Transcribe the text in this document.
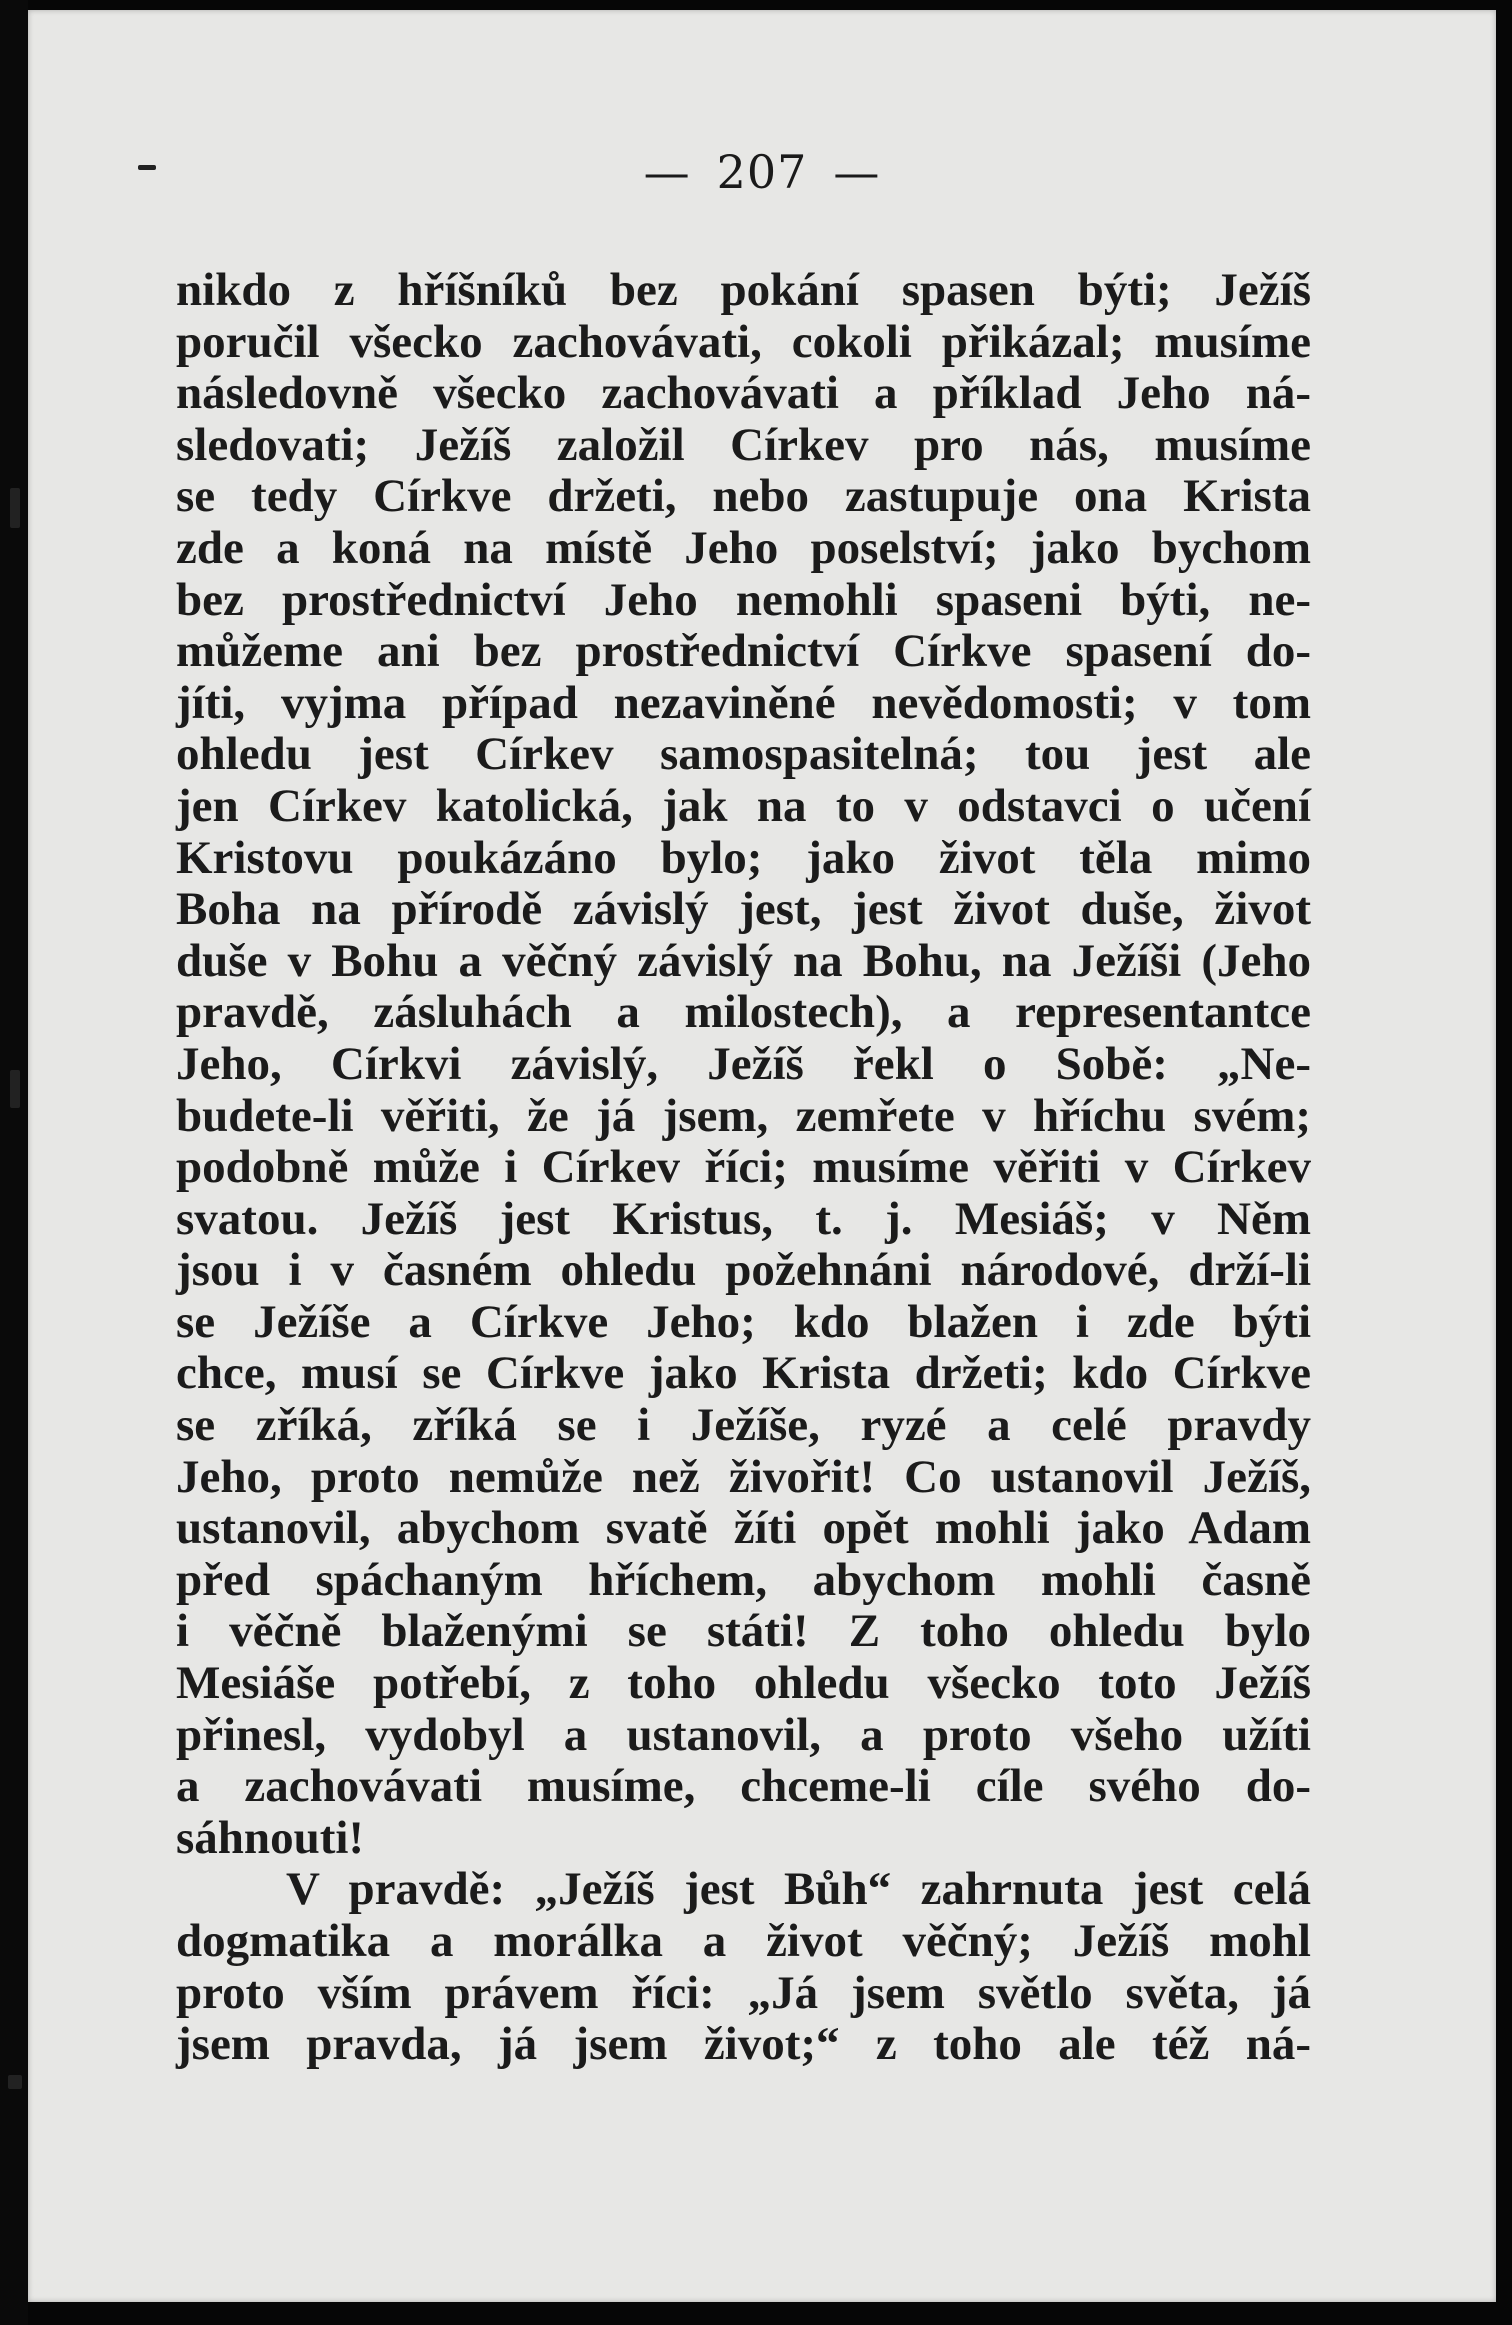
— 207 —
nikdo z hříšníků bez pokání spasen býti; Ježíš
poručil všecko zachovávati, cokoli přikázal; musíme
následovně všecko zachovávati a příklad Jeho ná-
sledovati; Ježíš založil Církev pro nás, musíme
se tedy Církve držeti, nebo zastupuje ona Krista
zde a koná na místě Jeho poselství; jako bychom
bez prostřednictví Jeho nemohli spaseni býti, ne-
můžeme ani bez prostřednictví Církve spasení do-
jíti, vyjma případ nezaviněné nevědomosti; v tom
ohledu jest Církev samospasitelná; tou jest ale
jen Církev katolická, jak na to v odstavci o učení
Kristovu poukázáno bylo; jako život těla mimo
Boha na přírodě závislý jest, jest život duše, život
duše v Bohu a věčný závislý na Bohu, na Ježíši (Jeho
pravdě, zásluhách a milostech), a representantce
Jeho, Církvi závislý, Ježíš řekl o Sobě: „Ne-
budete-li věřiti, že já jsem, zemřete v hříchu svém;
podobně může i Církev říci; musíme věřiti v Církev
svatou. Ježíš jest Kristus, t. j. Mesiáš; v Něm
jsou i v časném ohledu požehnáni národové, drží-li
se Ježíše a Církve Jeho; kdo blažen i zde býti
chce, musí se Církve jako Krista držeti; kdo Církve
se zříká, zříká se i Ježíše, ryzé a celé pravdy
Jeho, proto nemůže než živořit! Co ustanovil Ježíš,
ustanovil, abychom svatě žíti opět mohli jako Adam
před spáchaným hříchem, abychom mohli časně
i věčně blaženými se státi! Z toho ohledu bylo
Mesiáše potřebí, z toho ohledu všecko toto Ježíš
přinesl, vydobyl a ustanovil, a proto všeho užíti
a zachovávati musíme, chceme-li cíle svého do-
sáhnouti!
V pravdě: „Ježíš jest Bůh“ zahrnuta jest celá
dogmatika a morálka a život věčný; Ježíš mohl
proto vším právem říci: „Já jsem světlo světa, já
jsem pravda, já jsem život;“ z toho ale též ná-
